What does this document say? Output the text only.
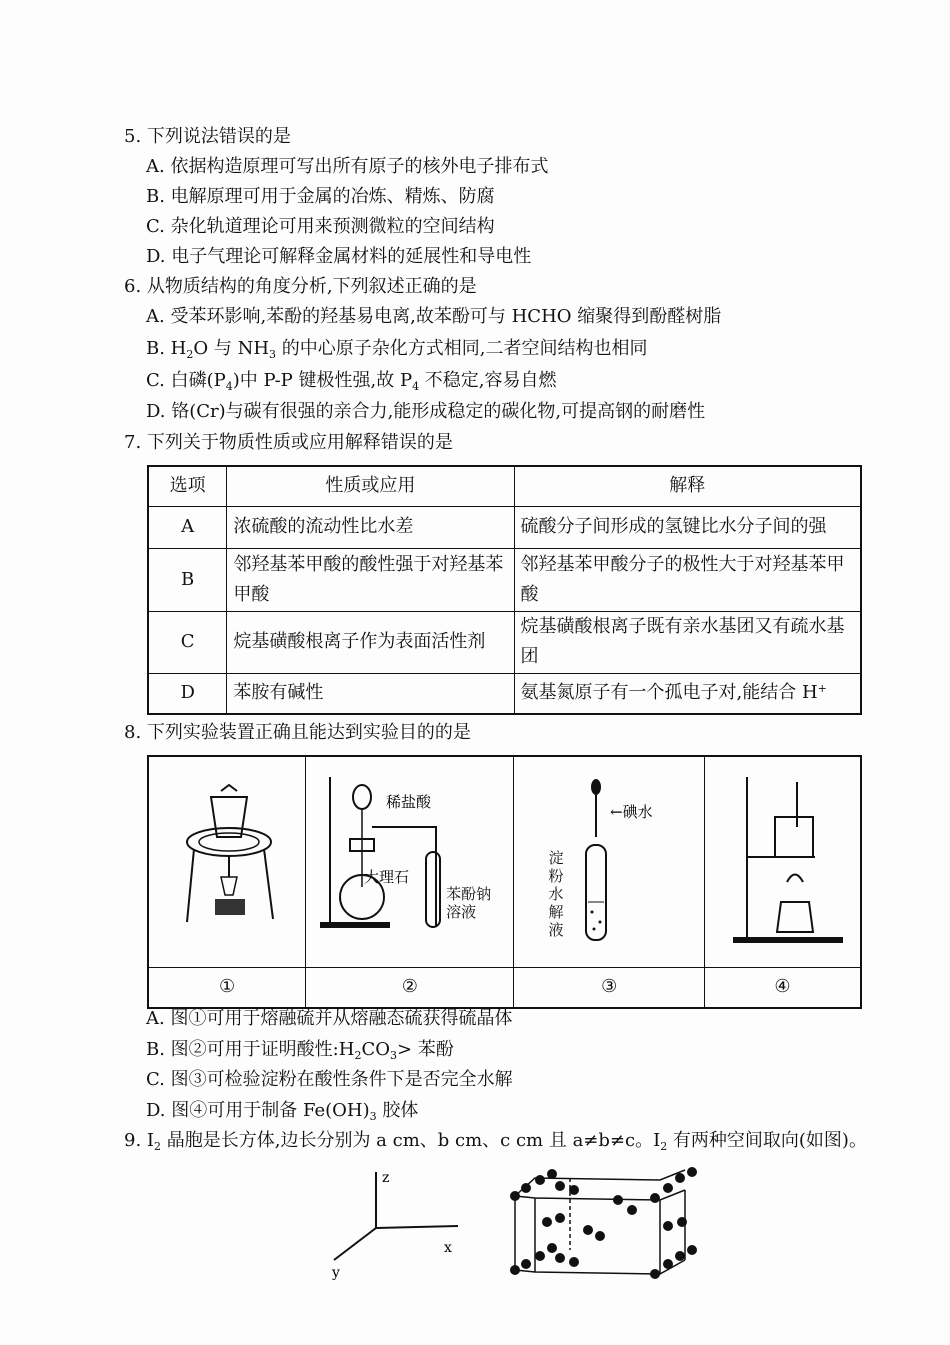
5. 下列说法错误的是
A. 依据构造原理可写出所有原子的核外电子排布式
B. 电解原理可用于金属的冶炼、精炼、防腐
C. 杂化轨道理论可用来预测微粒的空间结构
D. 电子气理论可解释金属材料的延展性和导电性
6. 从物质结构的角度分析,下列叙述正确的是
A. 受苯环影响,苯酚的羟基易电离,故苯酚可与 HCHO 缩聚得到酚醛树脂
B. $H_2O$ 与 $NH_3$ 的中心原子杂化方式相同,二者空间结构也相同
C. 白磷$(P_4)$中 P-P 键极性强,故 $P_4$ 不稳定,容易自燃
D. 铬(Cr)与碳有很强的亲合力,能形成稳定的碳化物,可提高钢的耐磨性
7. 下列关于物质性质或应用解释错误的是
选项	性质或应用	解释
A	浓硫酸的流动性比水差	硫酸分子间形成的氢键比水分子间的强
B	邻羟基苯甲酸的酸性强于对羟基苯甲酸	邻羟基苯甲酸分子的极性大于对羟基苯甲酸
C	烷基磺酸根离子作为表面活性剂	烷基磺酸根离子既有亲水基团又有疏水基团
D	苯胺有碱性	氨基氮原子有一个孤电子对,能结合 H+
8. 下列实验装置正确且能达到实验目的的是

稀盐酸
大理石
苯酚钠溶液	←碘水
淀粉水解液

①	②	③	④
A. 图①可用于熔融硫并从熔融态硫获得硫晶体
B. 图②可用于证明酸性$:H_2CO_3>$ 苯酚
C. 图③可检验淀粉在酸性条件下是否完全水解
D. 图④可用于制备 $Fe(OH)_3$ 胶体
9. $I_2$ 晶胞是长方体,边长分别为 a cm、b cm、c cm 且 a≠b≠c。$I_2$ 有两种空间取向(如图)。
z
x
y
